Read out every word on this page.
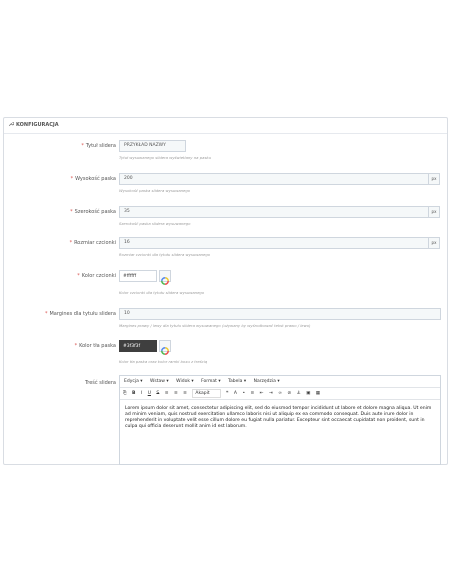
KONFIGURACJA
* Tytuł slidera	PRZYKŁAD NAZWY
Tytuł wysuwanego slidera wyświetlany na pasku
* Wysokość paska	200	px
Wysokość paska slidera wysuwanego
* Szerokość paska	35	px
Szerokość paska slidera wysuwanego
* Rozmiar czcionki	16	px
Rozmiar czcionki dla tytułu slidera wysuwanego
* Kolor czcionki	#ffffff
Kolor czcionki dla tytułu slidera wysuwanego
* Margines dla tytułu slidera	10
Margines prawy / lewy dla tytułu slidera wysuwanego (używany by wyśrodkować tekst prawo / lewo)
* Kolor tła paska	#3f3f3f
Kolor tła paska oraz kolor ramki boxu z treścią
Treść slidera	Edycja ▾ Wstaw ▾ Widok ▾ Format ▾ Tabela ▾ Narzędzia ▾
⎘ B I U S ≡ ≡ ≡ Akapit	❝ A • ≡ ⇤ ⇥ ∞ ⊘ ⚓ ▣ ▦
Lorem ipsum dolor sit amet, consectetur adipiscing elit, sed do eiusmod tempor incididunt ut labore et dolore magna aliqua. Ut enim ad minim veniam, quis nostrud exercitation ullamco laboris nisi ut aliquip ex ea commodo consequat. Duis aute irure dolor in reprehenderit in voluptate velit esse cillum dolore eu fugiat nulla pariatur. Excepteur sint occaecat cupidatat non proident, sunt in culpa qui officia deserunt mollit anim id est laborum.
